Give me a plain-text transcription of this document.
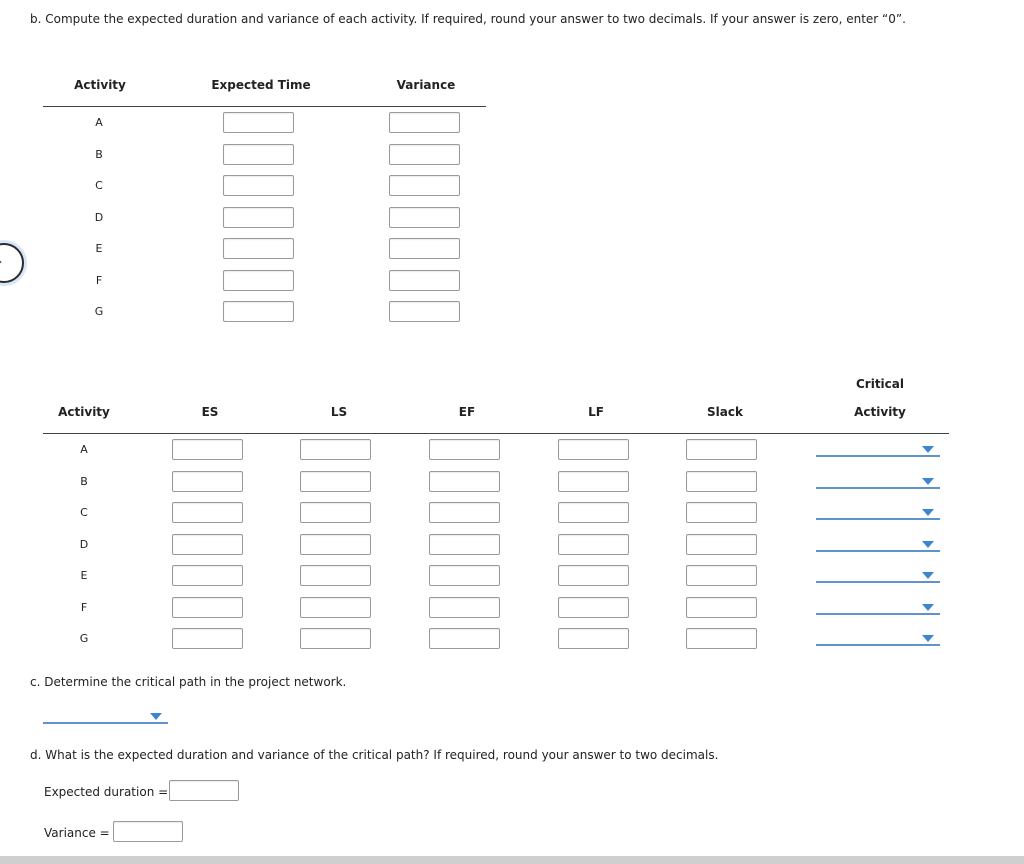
b. Compute the expected duration and variance of each activity. If required, round your answer to two decimals. If your answer is zero, enter “0”.
Activity	Expected Time	Variance
A
B
C
D
E
F
G
Critical
Activity	ES	LS	EF	LF	Slack	Activity
A
B
C
D
E
F
G
c. Determine the critical path in the project network.
d. What is the expected duration and variance of the critical path? If required, round your answer to two decimals.
Expected duration =
Variance =
